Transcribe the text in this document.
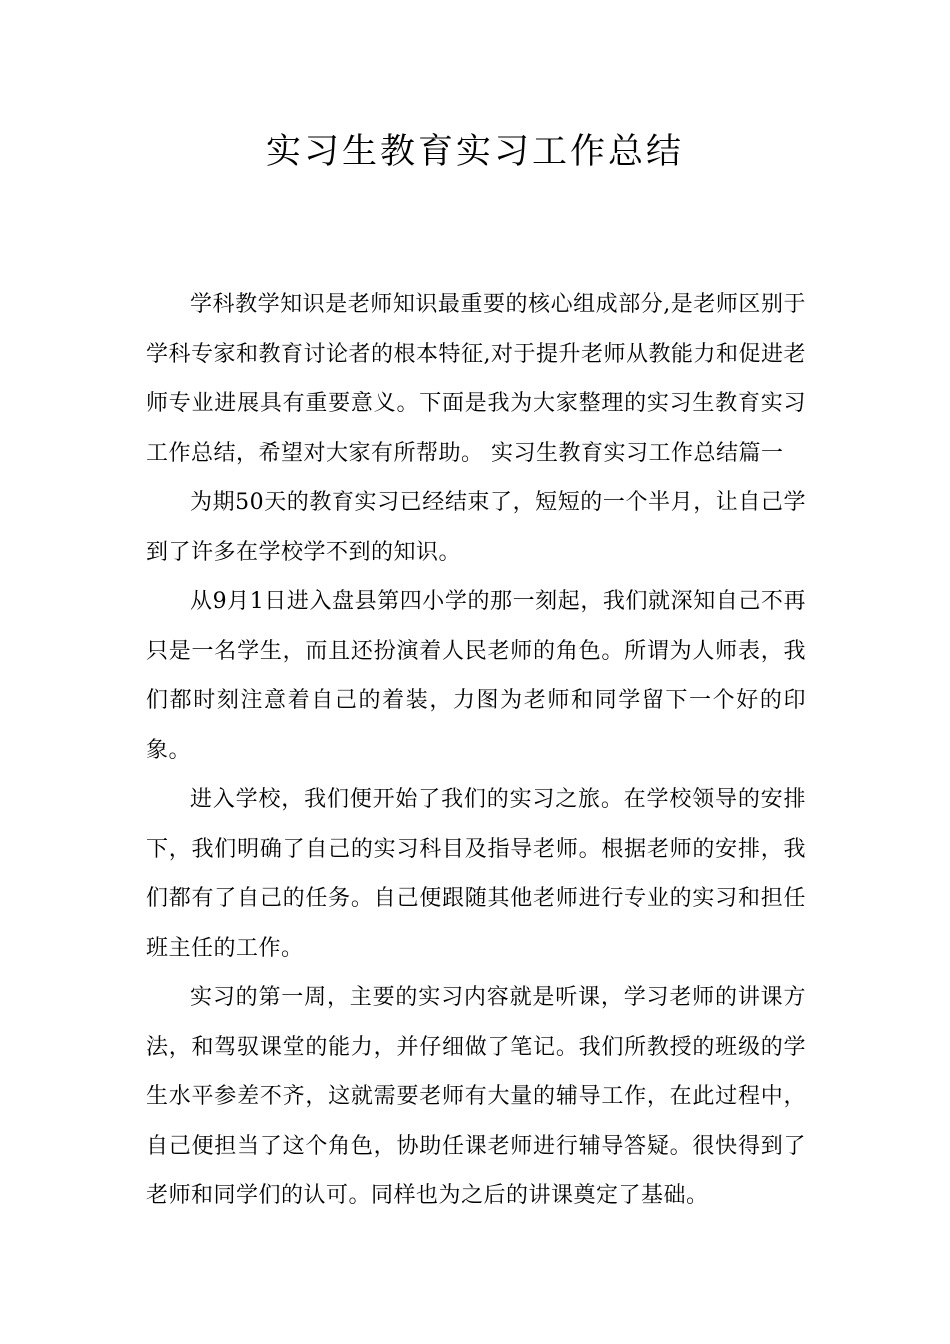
实习生教育实习工作总结

学科教学知识是老师知识最重要的核心组成部分,是老师区别于学科专家和教育讨论者的根本特征,对于提升老师从教能力和促进老师专业进展具有重要意义。下面是我为大家整理的实习生教育实习工作总结，希望对大家有所帮助。 实习生教育实习工作总结篇一

为期50天的教育实习已经结束了，短短的一个半月，让自己学到了许多在学校学不到的知识。

从9月1日进入盘县第四小学的那一刻起，我们就深知自己不再只是一名学生，而且还扮演着人民老师的角色。所谓为人师表，我们都时刻注意着自己的着装，力图为老师和同学留下一个好的印象。

进入学校，我们便开始了我们的实习之旅。在学校领导的安排下，我们明确了自己的实习科目及指导老师。根据老师的安排，我们都有了自己的任务。自己便跟随其他老师进行专业的实习和担任班主任的工作。

实习的第一周，主要的实习内容就是听课，学习老师的讲课方法，和驾驭课堂的能力，并仔细做了笔记。我们所教授的班级的学生水平参差不齐，这就需要老师有大量的辅导工作，在此过程中，自己便担当了这个角色，协助任课老师进行辅导答疑。很快得到了老师和同学们的认可。同样也为之后的讲课奠定了基础。
